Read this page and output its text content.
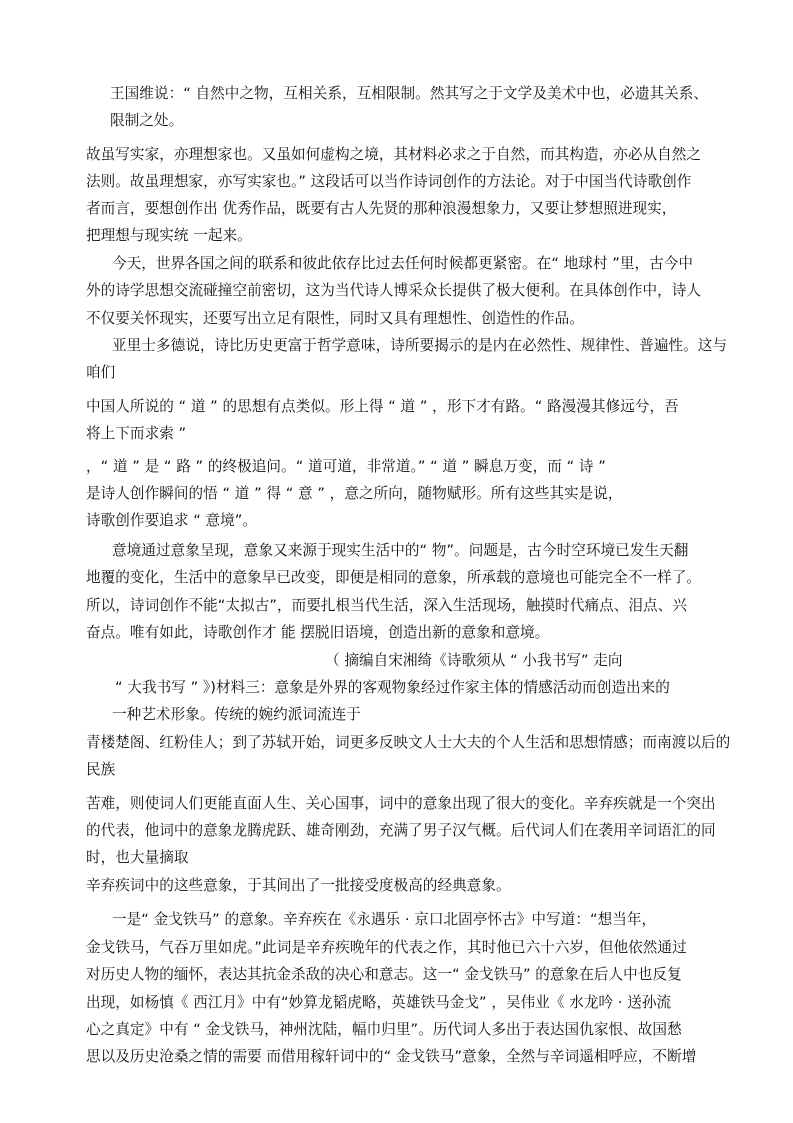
王国维说：“ 自然中之物，互相关系，互相限制。然其写之于文学及美术中也，必遗其关系、
限制之处。
故虽写实家，亦理想家也。又虽如何虚构之境，其材料必求之于自然，而其构造，亦必从自然之
法则。故虽理想家，亦写实家也。” 这段话可以当作诗词创作的方法论。对于中国当代诗歌创作
者而言，要想创作出 优秀作品，既要有古人先贤的那种浪漫想象力，又要让梦想照进现实，
把理想与现实统 一起来。
今天，世界各国之间的联系和彼此依存比过去任何时候都更紧密。在“ 地球村 ”里，古今中
外的诗学思想交流碰撞空前密切，这为当代诗人博采众长提供了极大便利。在具体创作中，诗人
不仅要关怀现实，还要写出立足有限性，同时又具有理想性、创造性的作品。
亚里士多德说，诗比历史更富于哲学意味，诗所要揭示的是内在必然性、规律性、普遍性。这与
咱们
中国人所说的 “ 道 ” 的思想有点类似。形上得 “ 道 ” ，形下才有路。“ 路漫漫其修远兮，吾
将上下而求索 ”
，“ 道 ” 是 “ 路 ” 的终极追问。“ 道可道，非常道。” “ 道 ” 瞬息万变，而 “ 诗 ”
是诗人创作瞬间的悟 “ 道 ” 得 “ 意 ” ，意之所向，随物赋形。所有这些其实是说，
诗歌创作要追求 “ 意境”。
意境通过意象呈现，意象又来源于现实生活中的“ 物”。问题是，古今时空环境已发生天翻
地覆的变化，生活中的意象早已改变，即便是相同的意象，所承载的意境也可能完全不一样了。
所以，诗词创作不能“太拟古”，而要扎根当代生活，深入生活现场，触摸时代痛点、泪点、兴
奋点。唯有如此，诗歌创作才 能 摆脱旧语境，创造出新的意象和意境。
（ 摘编自宋湘绮《诗歌须从 “ 小我书写” 走向
“ 大我书写 ” 》)材料三：意象是外界的客观物象经过作家主体的情感活动而创造出来的
一种艺术形象。传统的婉约派词流连于
青楼楚阁、红粉佳人；到了苏轼开始，词更多反映文人士大夫的个人生活和思想情感；而南渡以后的
民族
苦难，则使词人们更能直面人生、关心国事，词中的意象出现了很大的变化。辛弃疾就是一个突出
的代表，他词中的意象龙腾虎跃、雄奇刚劲，充满了男子汉气概。后代词人们在袭用辛词语汇的同
时，也大量摘取
辛弃疾词中的这些意象，于其间出了一批接受度极高的经典意象。
一是“ 金戈铁马” 的意象。辛弃疾在《永遇乐 · 京口北固亭怀古》中写道：“想当年，
金戈铁马，气吞万里如虎。”此词是辛弃疾晚年的代表之作，其时他已六十六岁，但他依然通过
对历史人物的缅怀，表达其抗金杀敌的决心和意志。这一“ 金戈铁马” 的意象在后人中也反复
出现，如杨慎《 西江月》中有“妙算龙韬虎略，英雄铁马金戈” ，吴伟业《 水龙吟 · 送孙流
心之真定》中有 “ 金戈铁马，神州沈陆，幅巾归里”。历代词人多出于表达国仇家恨、故国愁
思以及历史沧桑之情的需要 而借用稼轩词中的“ 金戈铁马”意象，全然与辛词遥相呼应，不断增
